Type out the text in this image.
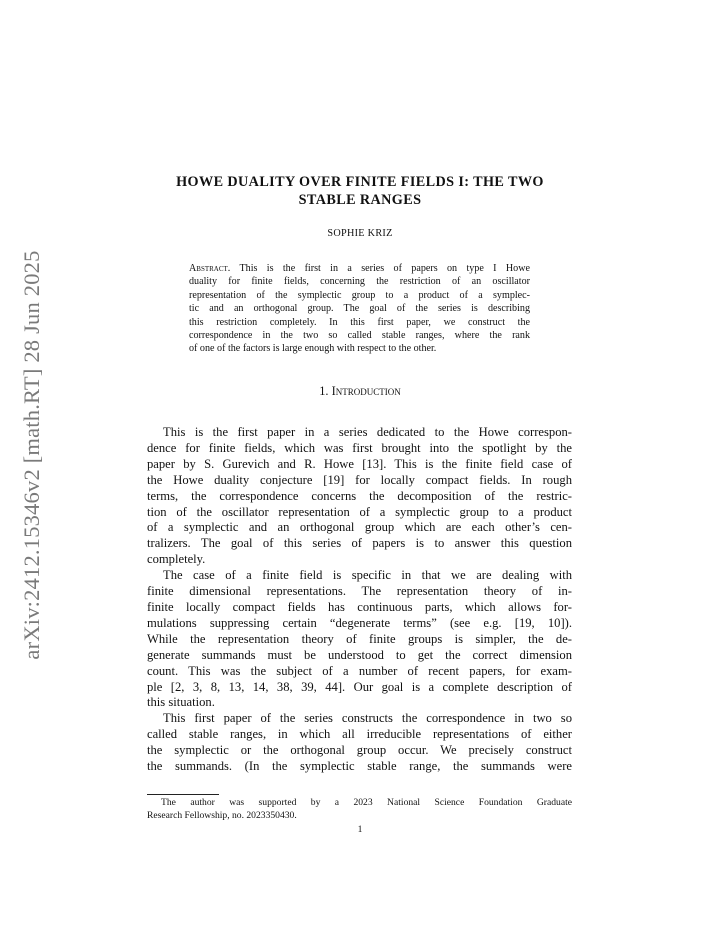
arXiv:2412.15346v2 [math.RT] 28 Jun 2025
HOWE DUALITY OVER FINITE FIELDS I: THE TWO
STABLE RANGES
SOPHIE KRIZ
Abstract. This is the first in a series of papers on type I Howe
duality for finite fields, concerning the restriction of an oscillator
representation of the symplectic group to a product of a symplec-
tic and an orthogonal group. The goal of the series is describing
this restriction completely. In this first paper, we construct the
correspondence in the two so called stable ranges, where the rank
of one of the factors is large enough with respect to the other.
1. Introduction
This is the first paper in a series dedicated to the Howe correspon-
dence for finite fields, which was first brought into the spotlight by the
paper by S. Gurevich and R. Howe [13]. This is the finite field case of
the Howe duality conjecture [19] for locally compact fields. In rough
terms, the correspondence concerns the decomposition of the restric-
tion of the oscillator representation of a symplectic group to a product
of a symplectic and an orthogonal group which are each other’s cen-
tralizers. The goal of this series of papers is to answer this question
completely.
The case of a finite field is specific in that we are dealing with
finite dimensional representations. The representation theory of in-
finite locally compact fields has continuous parts, which allows for-
mulations suppressing certain “degenerate terms” (see e.g. [19, 10]).
While the representation theory of finite groups is simpler, the de-
generate summands must be understood to get the correct dimension
count. This was the subject of a number of recent papers, for exam-
ple [2, 3, 8, 13, 14, 38, 39, 44]. Our goal is a complete description of
this situation.
This first paper of the series constructs the correspondence in two so
called stable ranges, in which all irreducible representations of either
the symplectic or the orthogonal group occur. We precisely construct
the summands. (In the symplectic stable range, the summands were
The author was supported by a 2023 National Science Foundation Graduate
Research Fellowship, no. 2023350430.
1
